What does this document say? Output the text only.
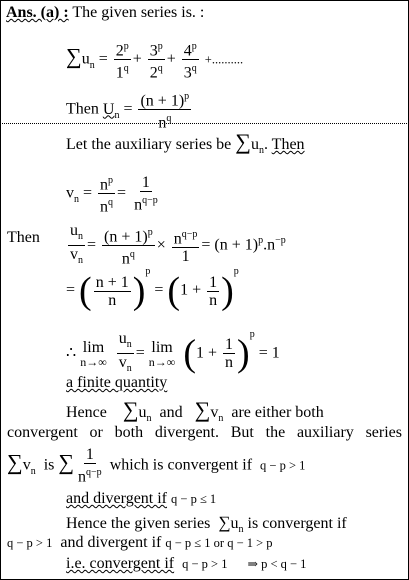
Ans. (a) : The given series is. :
$\sum u_n = \frac{2^p}{1^q} + \frac{3^p}{2^q} + \frac{4^p}{3^q}$ +..........
Then $U_n = \frac{(n + 1)^p}{n^q}$
Let the auxiliary series be $\sum u_n$. Then
$v_n = \frac{n^p}{n^q} = \frac{1}{n^{q-p}}$
Then $\frac{u_n}{v_n} = \frac{(n + 1)^p}{n^q} \times \frac{n^{q-p}}{1} = (n + 1)^p.n^{-p}$
= ( $\frac{n + 1}{n} )^p = (1 + \frac{1}{n} )^p$
∴ lim
n→∞
$\frac{u_n}{v_n} = \lim$
n→∞ $(1 + \frac{1}{n} )^p = 1$
a finite quantity
Hence $\sum u_n$ and $\sum v_n$ are either both
convergent or both divergent. But the auxiliary series
$\sum v_n$ is ∑ $\frac{1}{n^{q-p}}$ which is convergent if q − p > 1
and divergent if q − p ≤ 1
Hence the given series $\sum u_n$ is convergent if
q − p > 1 and divergent if q − p ≤ 1 or q − 1 > p
i.e. convergent if q − p > 1 ⇒ p < q − 1
